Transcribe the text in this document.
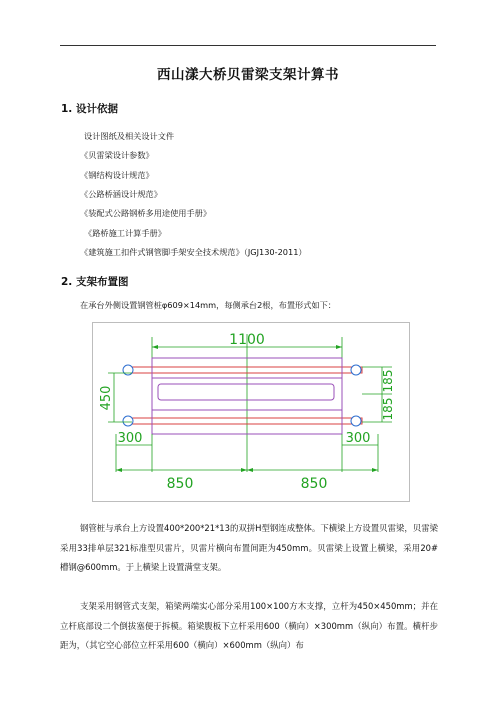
西山漾大桥贝雷梁支架计算书
1. 设计依据
设计图纸及相关设计文件
《贝雷梁设计参数》
《钢结构设计规范》
《公路桥涵设计规范》
《装配式公路钢桥多用途使用手册》
《路桥施工计算手册》
《建筑施工扣件式钢管脚手架安全技术规范》（JGJ130-2011）
2. 支架布置图
在承台外侧设置钢管桩φ609×14mm，每侧承台2根，布置形式如下：
1100
450
185
185
300	300
850	850
钢管桩与承台上方设置400*200*21*13的双拼H型钢连成整体。下横梁上方设置贝雷梁，贝雷梁采用33排单层321标准型贝雷片，贝雷片横向布置间距为450mm。贝雷梁上设置上横梁，采用20#槽钢@600mm。于上横梁上设置满堂支架。
支架采用钢管式支架，箱梁两端实心部分采用100×100方木支撑，立杆为450×450mm；并在立杆底部设二个倒拔塞便于拆模。箱梁腹板下立杆采用600（横向）×300mm（纵向）布置。横杆步距为，（其它空心部位立杆采用600（横向）×600mm（纵向）布
